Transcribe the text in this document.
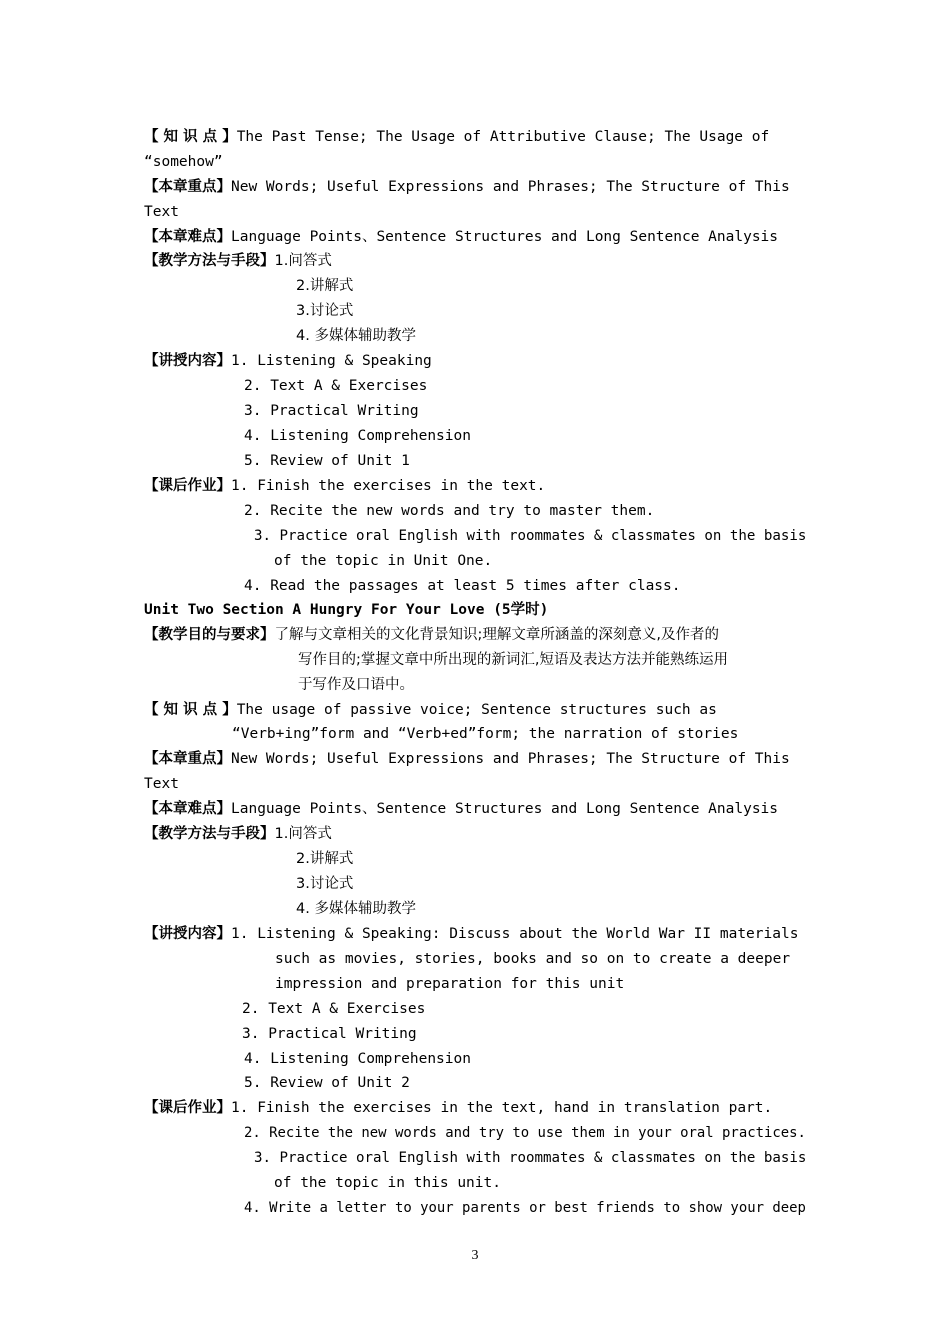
【 知 识 点 】The Past Tense; The Usage of Attributive Clause; The Usage of
“somehow”
【本章重点】New Words; Useful Expressions and Phrases; The Structure of This
Text
【本章难点】Language Points、Sentence Structures and Long Sentence Analysis
【教学方法与手段】1.问答式
2.讲解式
3.讨论式
4. 多媒体辅助教学
【讲授内容】1. Listening & Speaking
2. Text A & Exercises
3. Practical Writing
4. Listening Comprehension
5. Review of Unit 1
【课后作业】1. Finish the exercises in the text.
2. Recite the new words and try to master them.
3. Practice oral English with roommates & classmates on the basis
of the topic in Unit One.
4. Read the passages at least 5 times after class.
Unit Two Section A Hungry For Your Love (5学时)
【教学目的与要求】了解与文章相关的文化背景知识;理解文章所涵盖的深刻意义,及作者的
写作目的;掌握文章中所出现的新词汇,短语及表达方法并能熟练运用
于写作及口语中。
【 知 识 点 】The usage of passive voice; Sentence structures such as
“Verb+ing”form and “Verb+ed”form; the narration of stories
【本章重点】New Words; Useful Expressions and Phrases; The Structure of This
Text
【本章难点】Language Points、Sentence Structures and Long Sentence Analysis
【教学方法与手段】1.问答式
2.讲解式
3.讨论式
4. 多媒体辅助教学
【讲授内容】1. Listening & Speaking: Discuss about the World War II materials
such as movies, stories, books and so on to create a deeper
impression and preparation for this unit
2. Text A & Exercises
3. Practical Writing
4. Listening Comprehension
5. Review of Unit 2
【课后作业】1. Finish the exercises in the text, hand in translation part.
2. Recite the new words and try to use them in your oral practices.
3. Practice oral English with roommates & classmates on the basis
of the topic in this unit.
4. Write a letter to your parents or best friends to show your deep
3
